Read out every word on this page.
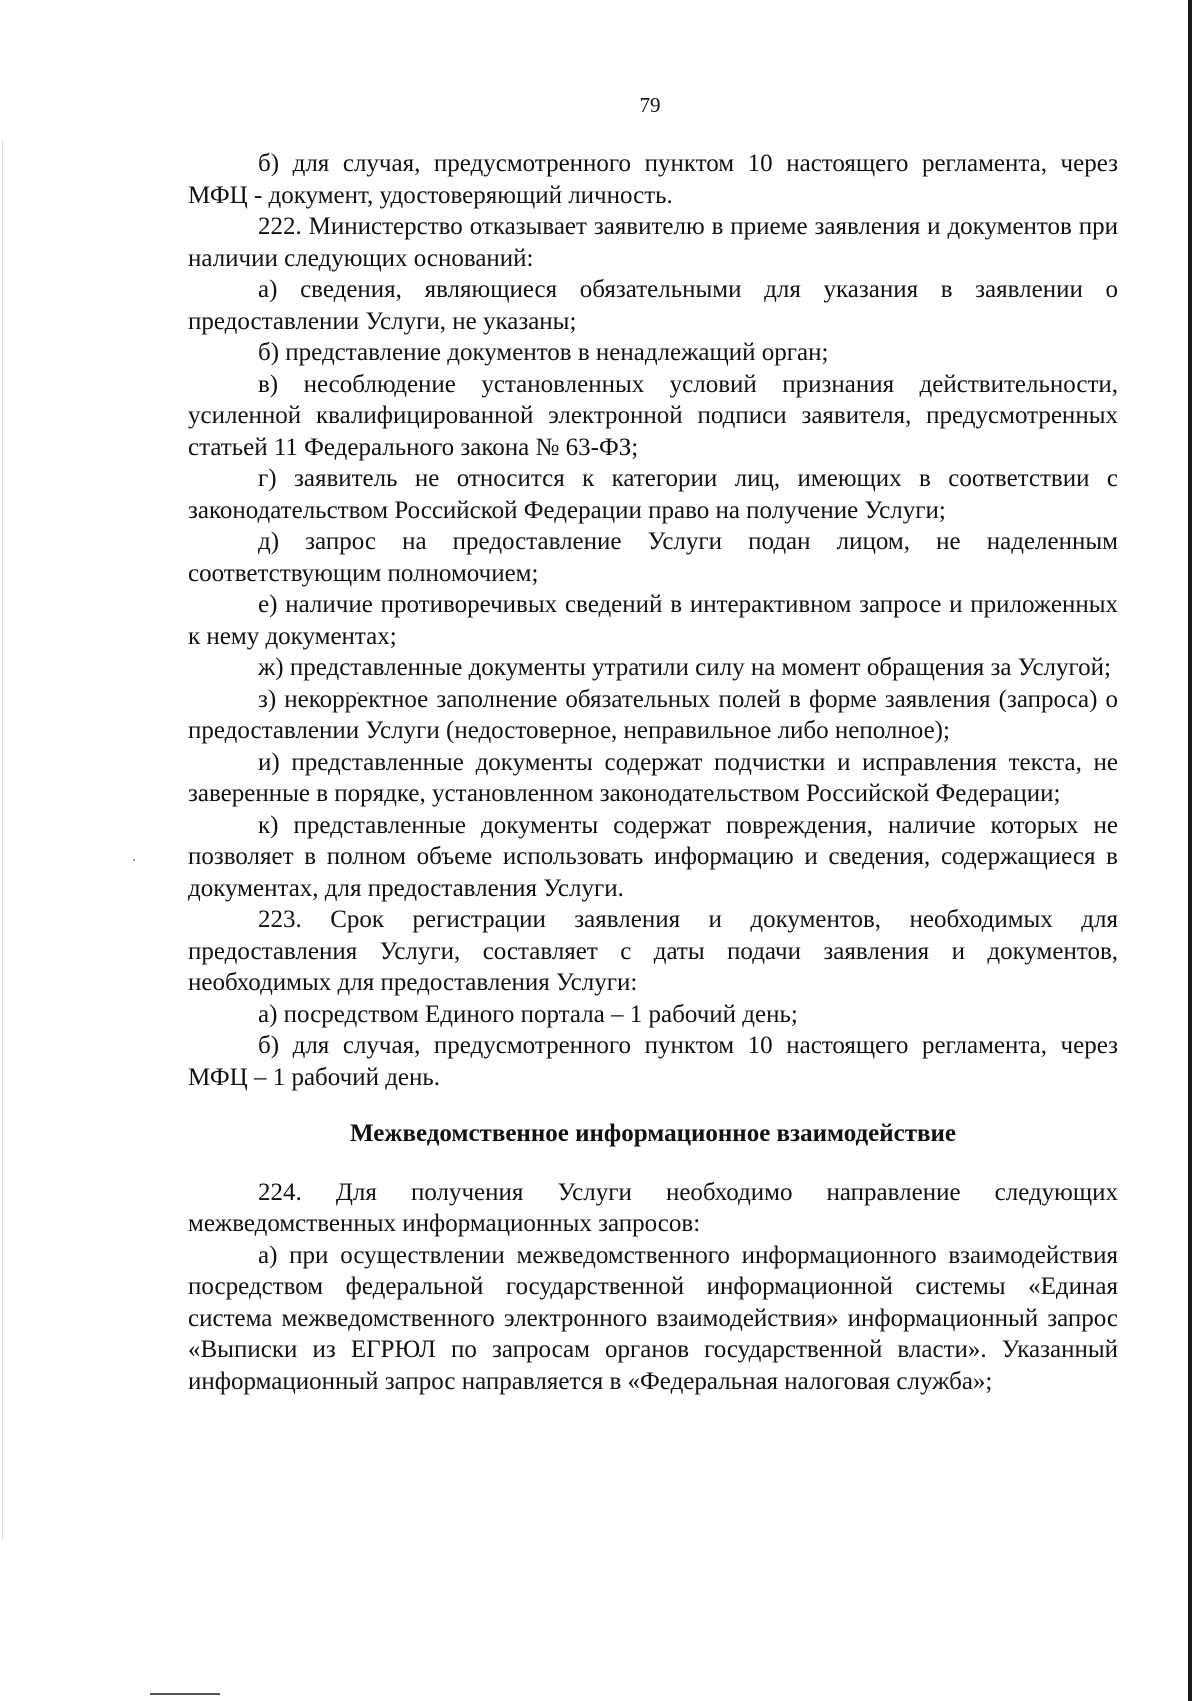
79

б) для случая, предусмотренного пунктом 10 настоящего регламента, через МФЦ - документ, удостоверяющий личность.

222. Министерство отказывает заявителю в приеме заявления и документов при наличии следующих оснований:

а) сведения, являющиеся обязательными для указания в заявлении о предоставлении Услуги, не указаны;

б) представление документов в ненадлежащий орган;

в) несоблюдение установленных условий признания действительности, усиленной квалифицированной электронной подписи заявителя, предусмотренных статьей 11 Федерального закона № 63-ФЗ;

г) заявитель не относится к категории лиц, имеющих в соответствии с законодательством Российской Федерации право на получение Услуги;

д) запрос на предоставление Услуги подан лицом, не наделенным соответствующим полномочием;

е) наличие противоречивых сведений в интерактивном запросе и приложенных к нему документах;

ж) представленные документы утратили силу на момент обращения за Услугой;

з) некорректное заполнение обязательных полей в форме заявления (запроса) о предоставлении Услуги (недостоверное, неправильное либо неполное);

и) представленные документы содержат подчистки и исправления текста, не заверенные в порядке, установленном законодательством Российской Федерации;

к) представленные документы содержат повреждения, наличие которых не позволяет в полном объеме использовать информацию и сведения, содержащиеся в документах, для предоставления Услуги.

223. Срок регистрации заявления и документов, необходимых для предоставления Услуги, составляет с даты подачи заявления и документов, необходимых для предоставления Услуги:

а) посредством Единого портала – 1 рабочий день;

б) для случая, предусмотренного пунктом 10 настоящего регламента, через МФЦ – 1 рабочий день.

Межведомственное информационное взаимодействие

224. Для получения Услуги необходимо направление следующих межведомственных информационных запросов:

а) при осуществлении межведомственного информационного взаимодействия посредством федеральной государственной информационной системы «Единая система межведомственного электронного взаимодействия» информационный запрос «Выписки из ЕГРЮЛ по запросам органов государственной власти». Указанный информационный запрос направляется в «Федеральная налоговая служба»;
